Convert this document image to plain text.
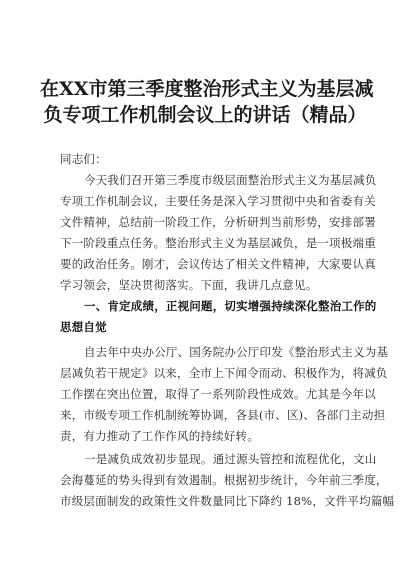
在XX市第三季度整治形式主义为基层减
负专项工作机制会议上的讲话（精品）
同志们：
今天我们召开第三季度市级层面整治形式主义为基层减负
专项工作机制会议，主要任务是深入学习贯彻中央和省委有关
文件精神，总结前一阶段工作，分析研判当前形势，安排部署
下一阶段重点任务。整治形式主义为基层减负，是一项极端重
要的政治任务。刚才，会议传达了相关文件精神，大家要认真
学习领会，坚决贯彻落实。下面，我讲几点意见。
一、肯定成绩，正视问题，切实增强持续深化整治工作的
思想自觉
自去年中央办公厅、国务院办公厅印发《整治形式主义为基
层减负若干规定》以来，全市上下闻令而动、积极作为，将减负
工作摆在突出位置，取得了一系列阶段性成效。尤其是今年以
来，市级专项工作机制统筹协调，各县(市、区)、各部门主动担
责，有力推动了工作作风的持续好转。
一是减负成效初步显现。通过源头管控和流程优化，文山
会海蔓延的势头得到有效遏制。根据初步统计，今年前三季度，
市级层面制发的政策性文件数量同比下降约 18%，文件平均篇幅
